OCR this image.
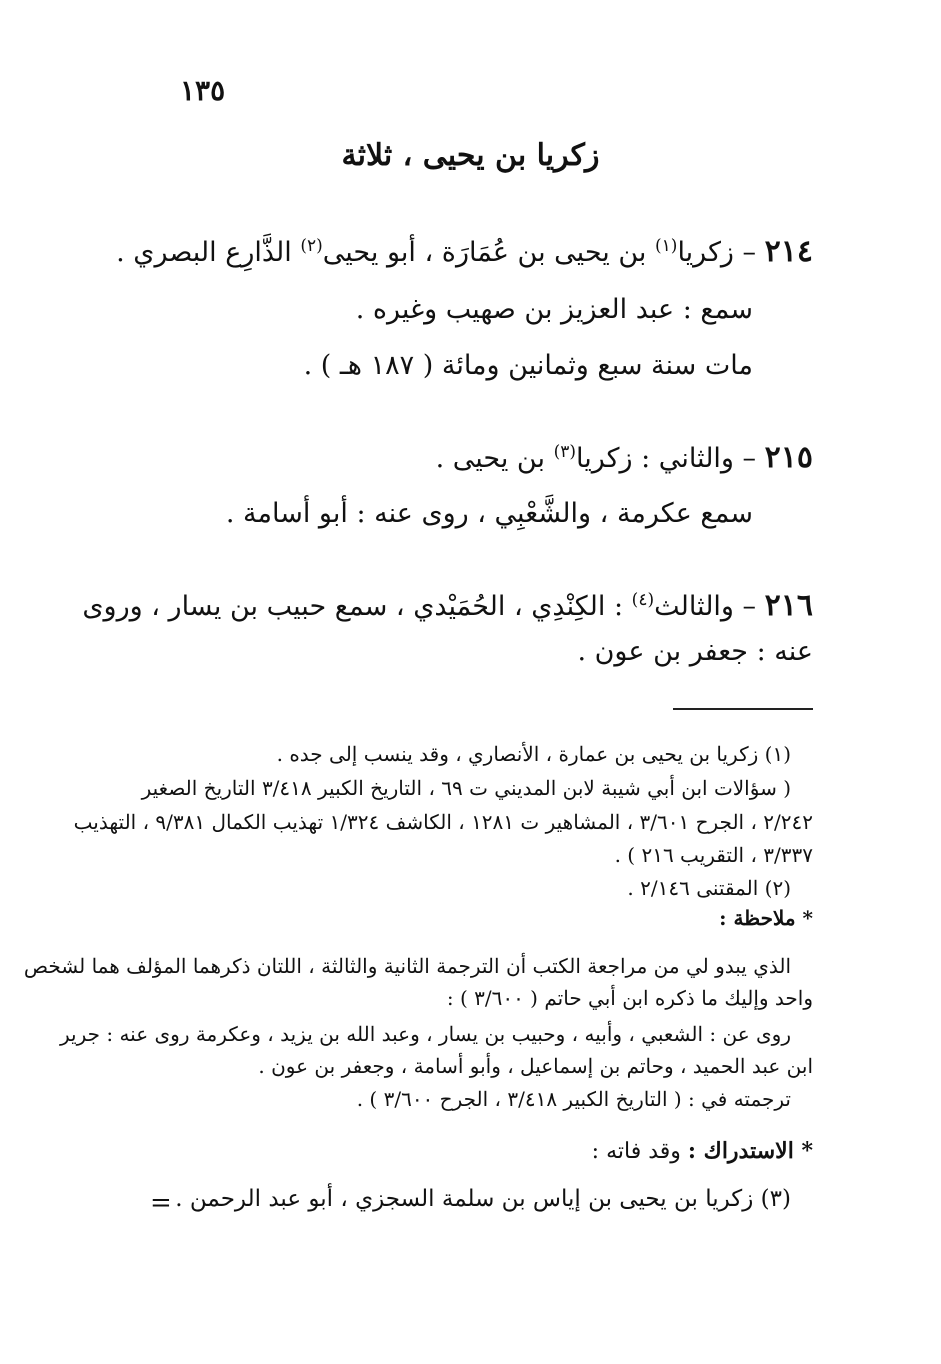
١٣٥
زكريا بن يحيى ، ثلاثة
٢١٤ – زكريا$^{(١)}$ بن يحيى بن عُمَارَة ، أبو يحيى$^{(٢)}$ الذَّارِع البصري .
سمع : عبد العزيز بن صهيب وغيره .
مات سنة سبع وثمانين ومائة ( ١٨٧ هـ ) .
٢١٥ – والثاني : زكريا$^{(٣)}$ بن يحيى .
سمع عكرمة ، والشَّعْبِي ، روى عنه : أبو أسامة .
٢١٦ – والثالث$^{(٤)}$ : الكِنْدِي ، الحُمَيْدي ، سمع حبيب بن يسار ، وروى
عنه : جعفر بن عون .
(١) زكريا بن يحيى بن عمارة ، الأنصاري ، وقد ينسب إلى جده .
( سؤالات ابن أبي شيبة لابن المديني ت ٦٩ ، التاريخ الكبير ٣/٤١٨ التاريخ الصغير
٢/٢٤٢ ، الجرح ٣/٦٠١ ، المشاهير ت ١٢٨١ ، الكاشف ١/٣٢٤ تهذيب الكمال ٩/٣٨١ ، التهذيب
٣/٣٣٧ ، التقريب ٢١٦ ) .
(٢) المقتنى ٢/١٤٦ .
* ملاحظة :
الذي يبدو لي من مراجعة الكتب أن الترجمة الثانية والثالثة ، اللتان ذكرهما المؤلف هما لشخص
واحد وإليك ما ذكره ابن أبي حاتم ( ٣/٦٠٠ ) :
روى عن : الشعبي ، وأبيه ، وحبيب بن يسار ، وعبد الله بن يزيد ، وعكرمة روى عنه : جرير
ابن عبد الحميد ، وحاتم بن إسماعيل ، وأبو أسامة ، وجعفر بن عون .
ترجمته في : ( التاريخ الكبير ٣/٤١٨ ، الجرح ٣/٦٠٠ ) .
* الاستدراك : وقد فاته :
(٣) زكريا بن يحيى بن إياس بن سلمة السجزي ، أبو عبد الرحمن .
=
